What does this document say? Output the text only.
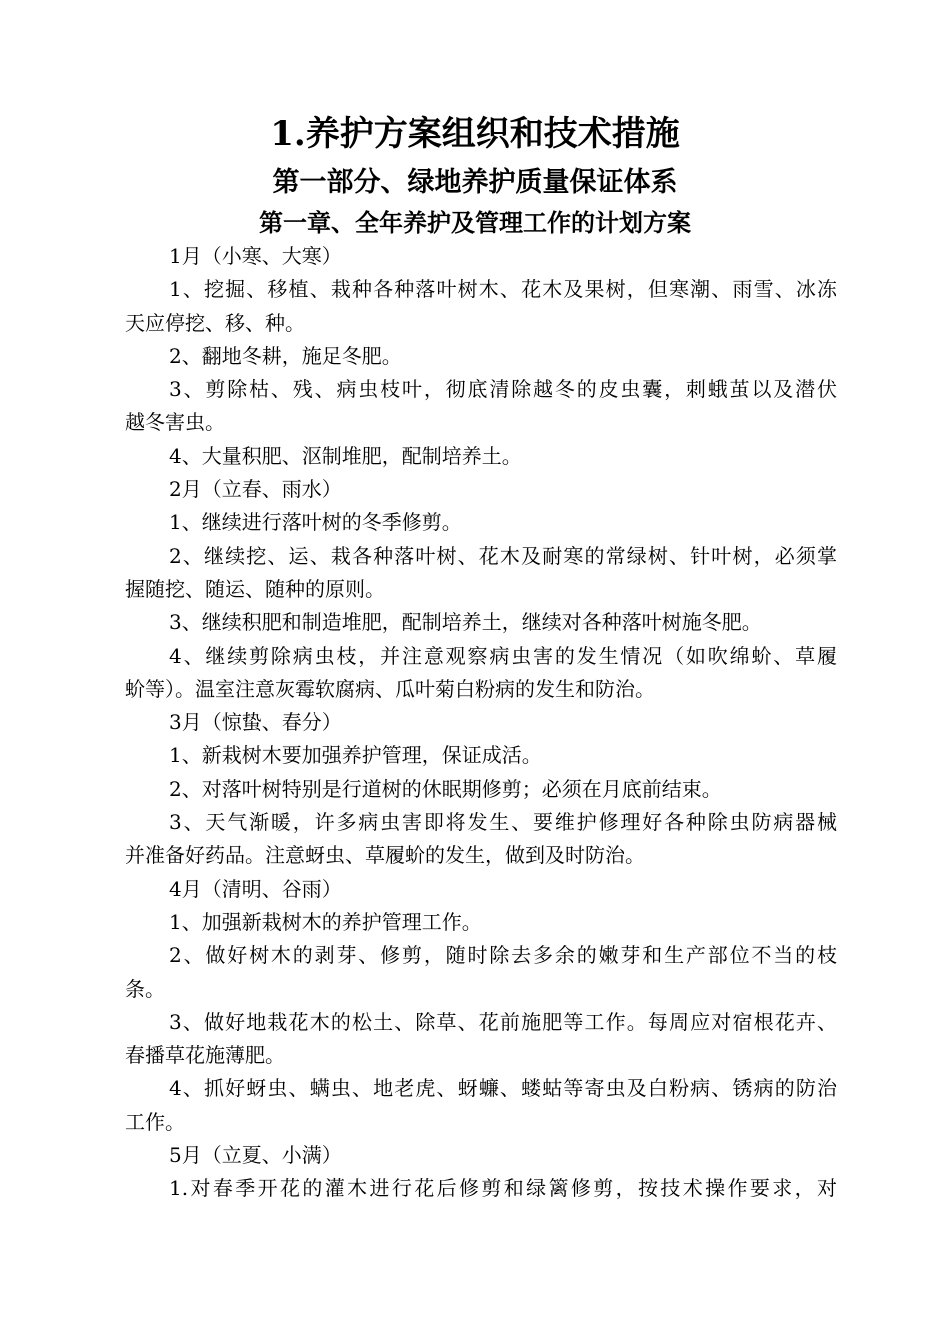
1.养护方案组织和技术措施
第一部分、绿地养护质量保证体系
第一章、全年养护及管理工作的计划方案
1月（小寒、大寒）
1、挖掘、移植、栽种各种落叶树木、花木及果树，但寒潮、雨雪、冰冻
天应停挖、移、种。
2、翻地冬耕，施足冬肥。
3、剪除枯、残、病虫枝叶，彻底清除越冬的皮虫囊，刺蛾茧以及潜伏
越冬害虫。
4、大量积肥、沤制堆肥，配制培养土。
2月（立春、雨水）
1、继续进行落叶树的冬季修剪。
2、继续挖、运、栽各种落叶树、花木及耐寒的常绿树、针叶树，必须掌
握随挖、随运、随种的原则。
3、继续积肥和制造堆肥，配制培养土，继续对各种落叶树施冬肥。
4、继续剪除病虫枝，并注意观察病虫害的发生情况（如吹绵蚧、草履
蚧等）。温室注意灰霉软腐病、瓜叶菊白粉病的发生和防治。
3月（惊蛰、春分）
1、新栽树木要加强养护管理，保证成活。
2、对落叶树特别是行道树的休眠期修剪；必须在月底前结束。
3、天气渐暖，许多病虫害即将发生、要维护修理好各种除虫防病器械
并准备好药品。注意蚜虫、草履蚧的发生，做到及时防治。
4月（清明、谷雨）
1、加强新栽树木的养护管理工作。
2、做好树木的剥芽、修剪，随时除去多余的嫩芽和生产部位不当的枝
条。
3、做好地栽花木的松土、除草、花前施肥等工作。每周应对宿根花卉、
春播草花施薄肥。
4、抓好蚜虫、螨虫、地老虎、蚜蠊、蝼蛄等寄虫及白粉病、锈病的防治
工作。
5月（立夏、小满）
1.对春季开花的灌木进行花后修剪和绿篱修剪，按技术操作要求，对
